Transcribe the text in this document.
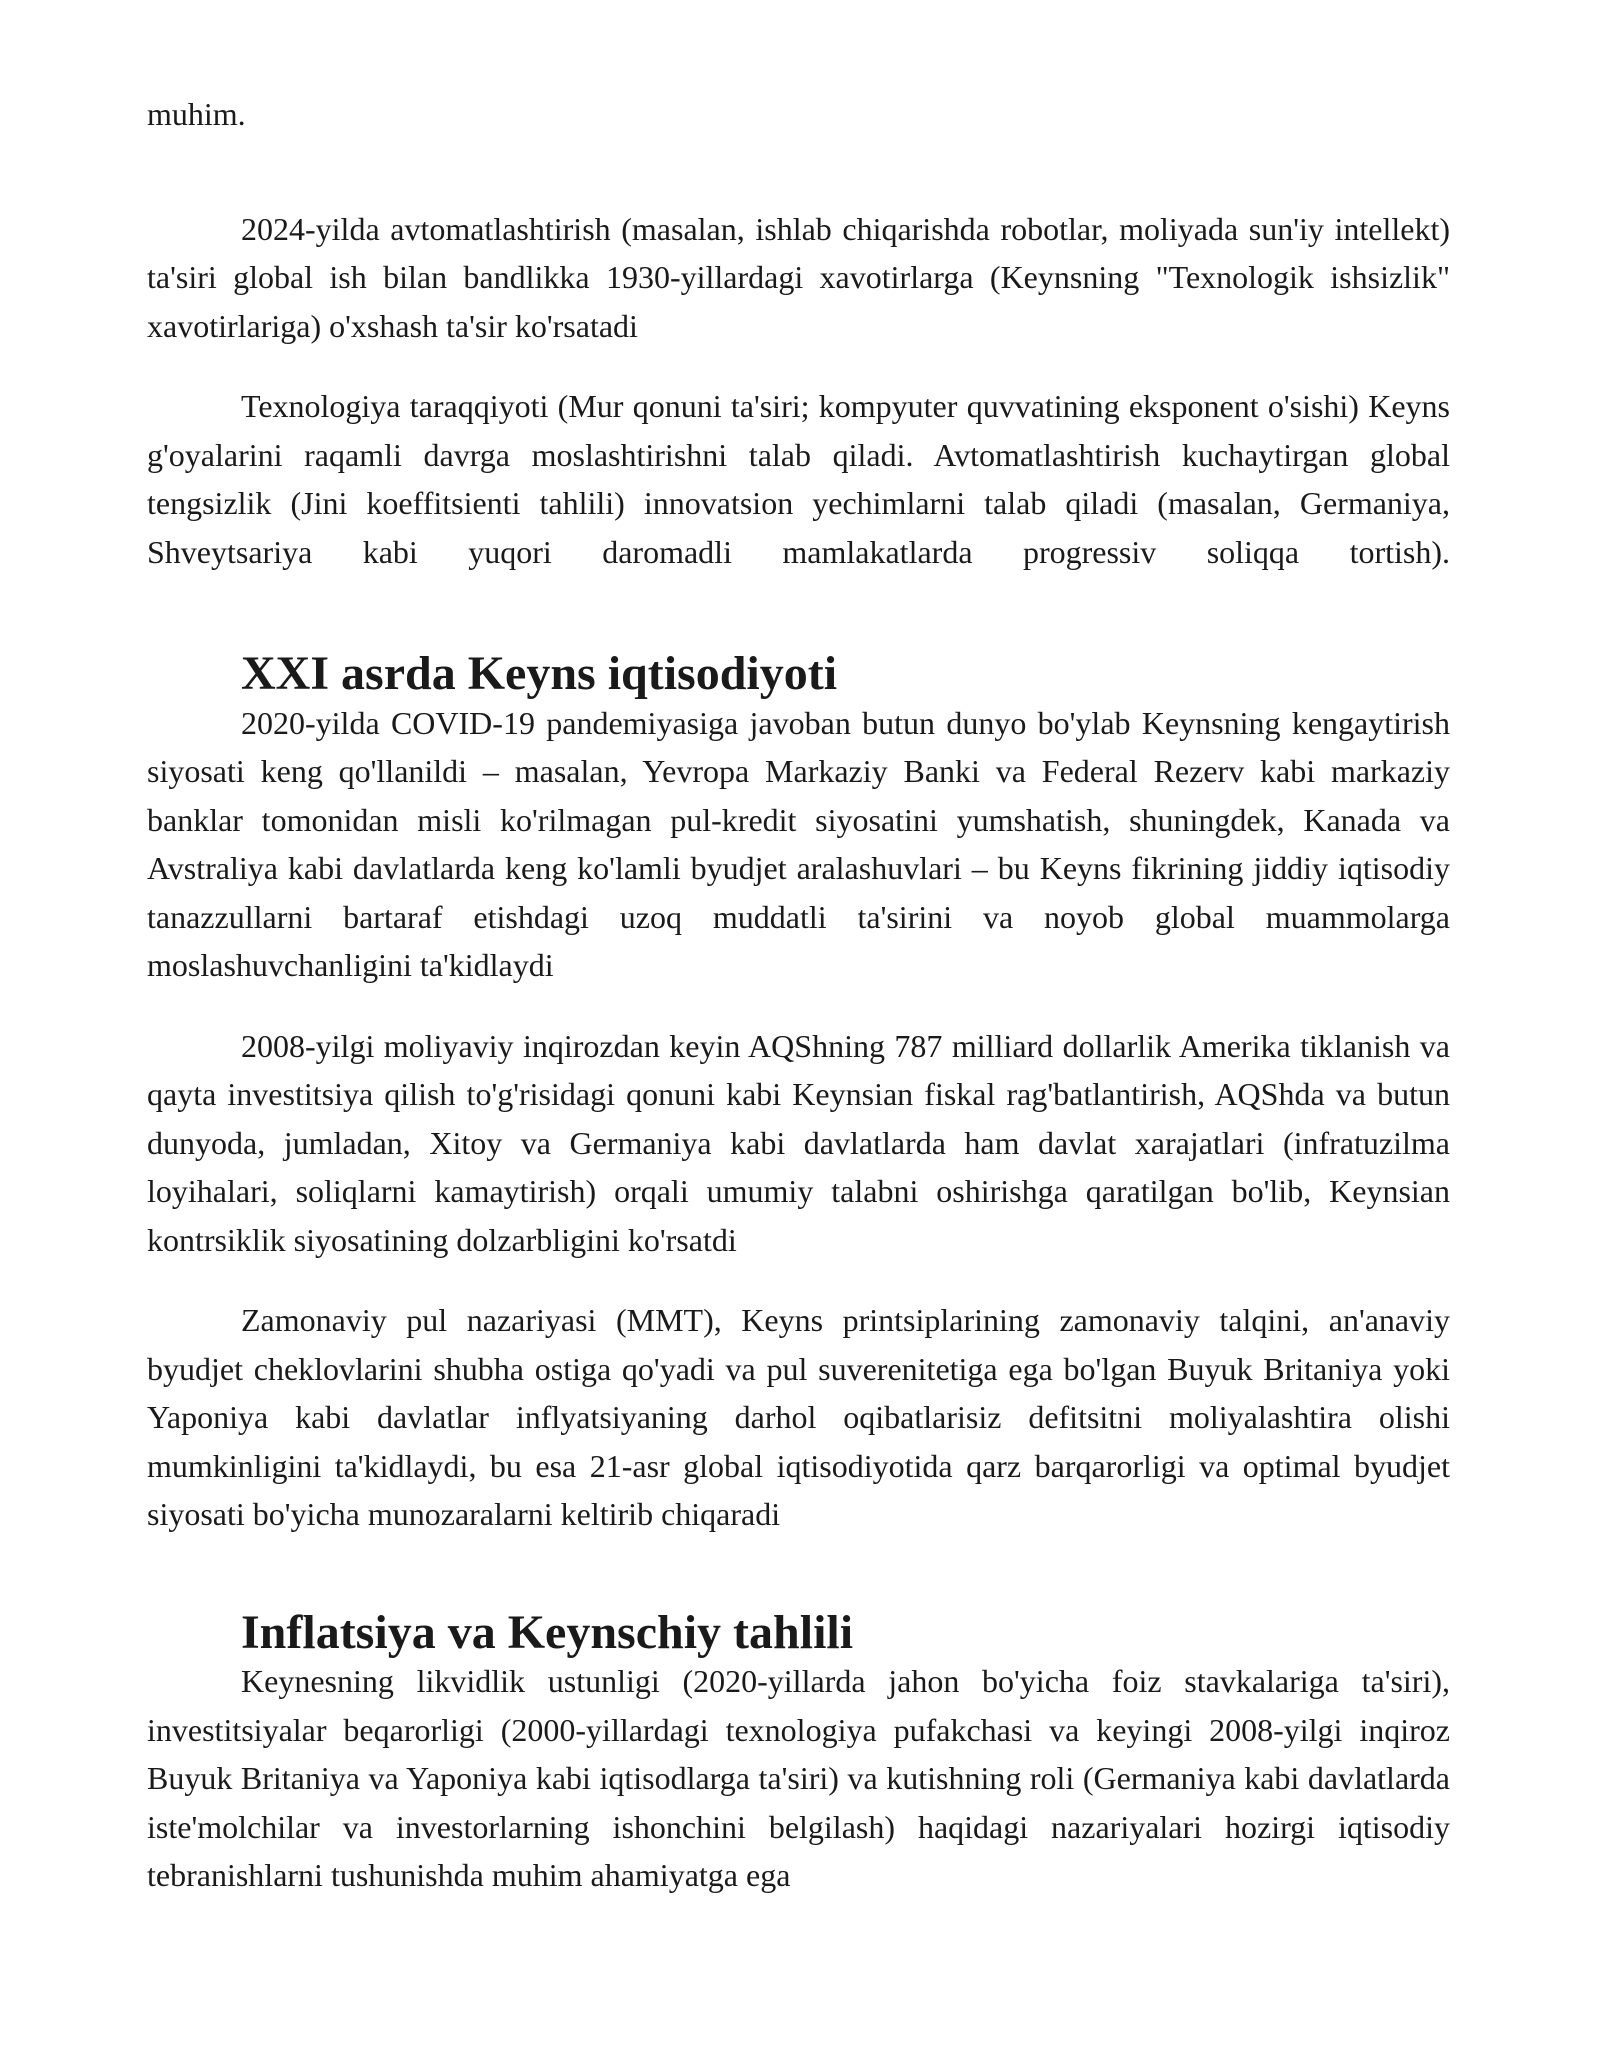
muhim.

2024-yilda avtomatlashtirish (masalan, ishlab chiqarishda robotlar, moliyada sun'iy intellekt) ta'siri global ish bilan bandlikka 1930-yillardagi xavotirlarga (Keynsning "Texnologik ishsizlik" xavotirlariga) o'xshash ta'sir ko'rsatadi

Texnologiya taraqqiyoti (Mur qonuni ta'siri; kompyuter quvvatining eksponent o'sishi) Keyns g'oyalarini raqamli davrga moslashtirishni talab qiladi. Avtomatlashtirish kuchaytirgan global tengsizlik (Jini koeffitsienti tahlili) innovatsion yechimlarni talab qiladi (masalan, Germaniya, Shveytsariya kabi yuqori daromadli mamlakatlarda progressiv soliqqa tortish).

XXI asrda Keyns iqtisodiyoti

2020-yilda COVID-19 pandemiyasiga javoban butun dunyo bo'ylab Keynsning kengaytirish siyosati keng qo'llanildi – masalan, Yevropa Markaziy Banki va Federal Rezerv kabi markaziy banklar tomonidan misli ko'rilmagan pul-kredit siyosatini yumshatish, shuningdek, Kanada va Avstraliya kabi davlatlarda keng ko'lamli byudjet aralashuvlari – bu Keyns fikrining jiddiy iqtisodiy tanazzullarni bartaraf etishdagi uzoq muddatli ta'sirini va noyob global muammolarga moslashuvchanligini ta'kidlaydi

2008-yilgi moliyaviy inqirozdan keyin AQShning 787 milliard dollarlik Amerika tiklanish va qayta investitsiya qilish to'g'risidagi qonuni kabi Keynsian fiskal rag'batlantirish, AQShda va butun dunyoda, jumladan, Xitoy va Germaniya kabi davlatlarda ham davlat xarajatlari (infratuzilma loyihalari, soliqlarni kamaytirish) orqali umumiy talabni oshirishga qaratilgan bo'lib, Keynsian kontrsiklik siyosatining dolzarbligini ko'rsatdi

Zamonaviy pul nazariyasi (MMT), Keyns printsiplarining zamonaviy talqini, an'anaviy byudjet cheklovlarini shubha ostiga qo'yadi va pul suverenitetiga ega bo'lgan Buyuk Britaniya yoki Yaponiya kabi davlatlar inflyatsiyaning darhol oqibatlarisiz defitsitni moliyalashtira olishi mumkinligini ta'kidlaydi, bu esa 21-asr global iqtisodiyotida qarz barqarorligi va optimal byudjet siyosati bo'yicha munozaralarni keltirib chiqaradi

Inflatsiya va Keynschiy tahlili

Keynesning likvidlik ustunligi (2020-yillarda jahon bo'yicha foiz stavkalariga ta'siri), investitsiyalar beqarorligi (2000-yillardagi texnologiya pufakchasi va keyingi 2008-yilgi inqiroz Buyuk Britaniya va Yaponiya kabi iqtisodlarga ta'siri) va kutishning roli (Germaniya kabi davlatlarda iste'molchilar va investorlarning ishonchini belgilash) haqidagi nazariyalari hozirgi iqtisodiy tebranishlarni tushunishda muhim ahamiyatga ega
